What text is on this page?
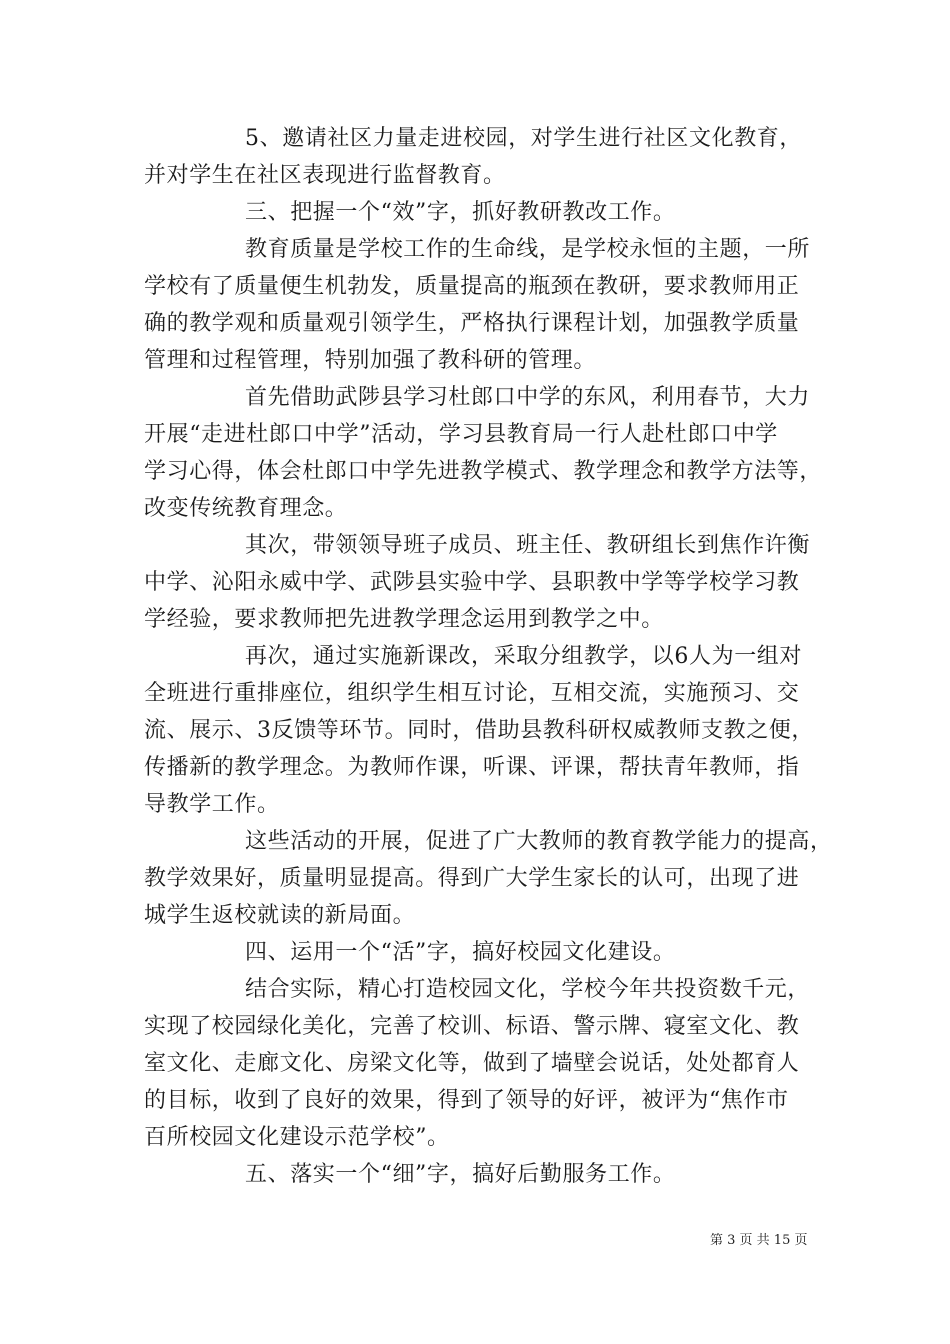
5、邀请社区力量走进校园，对学生进行社区文化教育，
并对学生在社区表现进行监督教育。
三、把握一个“效”字，抓好教研教改工作。
教育质量是学校工作的生命线，是学校永恒的主题，一所
学校有了质量便生机勃发，质量提高的瓶颈在教研，要求教师用正
确的教学观和质量观引领学生，严格执行课程计划，加强教学质量
管理和过程管理，特别加强了教科研的管理。
首先借助武陟县学习杜郎口中学的东风，利用春节，大力
开展“走进杜郎口中学”活动，学习县教育局一行人赴杜郎口中学
学习心得，体会杜郎口中学先进教学模式、教学理念和教学方法等，
改变传统教育理念。
其次，带领领导班子成员、班主任、教研组长到焦作许衡
中学、沁阳永威中学、武陟县实验中学、县职教中学等学校学习教
学经验，要求教师把先进教学理念运用到教学之中。
再次，通过实施新课改，采取分组教学，以6人为一组对
全班进行重排座位，组织学生相互讨论，互相交流，实施预习、交
流、展示、3反馈等环节。同时，借助县教科研权威教师支教之便，
传播新的教学理念。为教师作课，听课、评课，帮扶青年教师，指
导教学工作。
这些活动的开展，促进了广大教师的教育教学能力的提高，
教学效果好，质量明显提高。得到广大学生家长的认可，出现了进
城学生返校就读的新局面。
四、运用一个“活”字，搞好校园文化建设。
结合实际，精心打造校园文化，学校今年共投资数千元，
实现了校园绿化美化，完善了校训、标语、警示牌、寝室文化、教
室文化、走廊文化、房梁文化等，做到了墙壁会说话，处处都育人
的目标，收到了良好的效果，得到了领导的好评，被评为“焦作市
百所校园文化建设示范学校”。
五、落实一个“细”字，搞好后勤服务工作。
第 3 页 共 15 页
